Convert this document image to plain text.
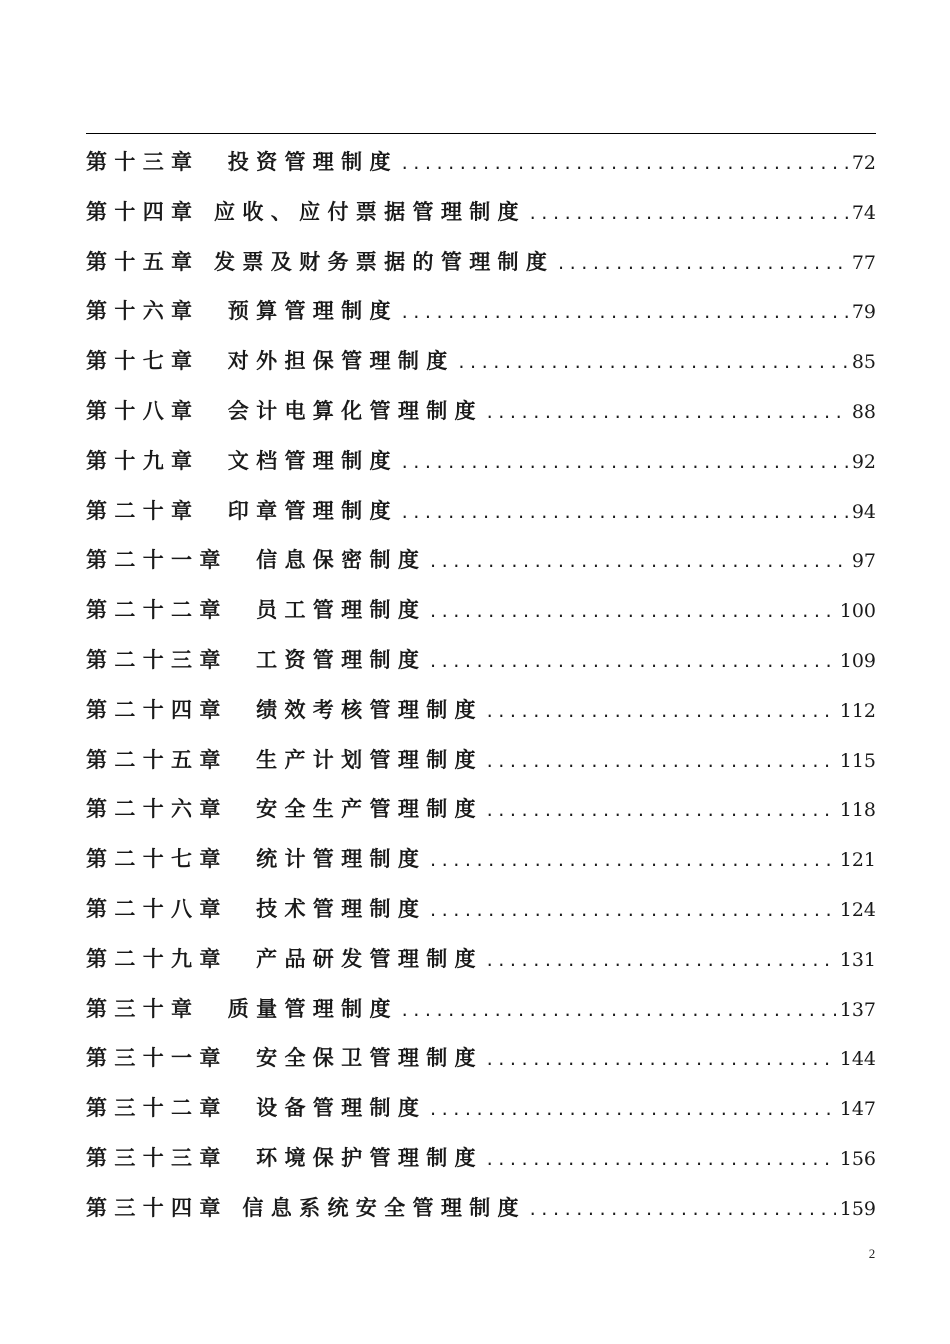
第十三章　投资管理制度 .....	72
第十四章 应收、应付票据管理制度 .....	74
第十五章 发票及财务票据的管理制度 .....	77
第十六章　预算管理制度 .....	79
第十七章　对外担保管理制度 .....	85
第十八章　会计电算化管理制度 .....	88
第十九章　文档管理制度 .....	92
第二十章　印章管理制度 .....	94
第二十一章　信息保密制度 .....	97
第二十二章　员工管理制度 .....	100
第二十三章　工资管理制度 .....	109
第二十四章　绩效考核管理制度 .....	112
第二十五章　生产计划管理制度 .....	115
第二十六章　安全生产管理制度 .....	118
第二十七章　统计管理制度 .....	121
第二十八章　技术管理制度 .....	124
第二十九章　产品研发管理制度 .....	131
第三十章　质量管理制度 .....	137
第三十一章　安全保卫管理制度 .....	144
第三十二章　设备管理制度 .....	147
第三十三章　环境保护管理制度 .....	156
第三十四章 信息系统安全管理制度 .....	159
2
